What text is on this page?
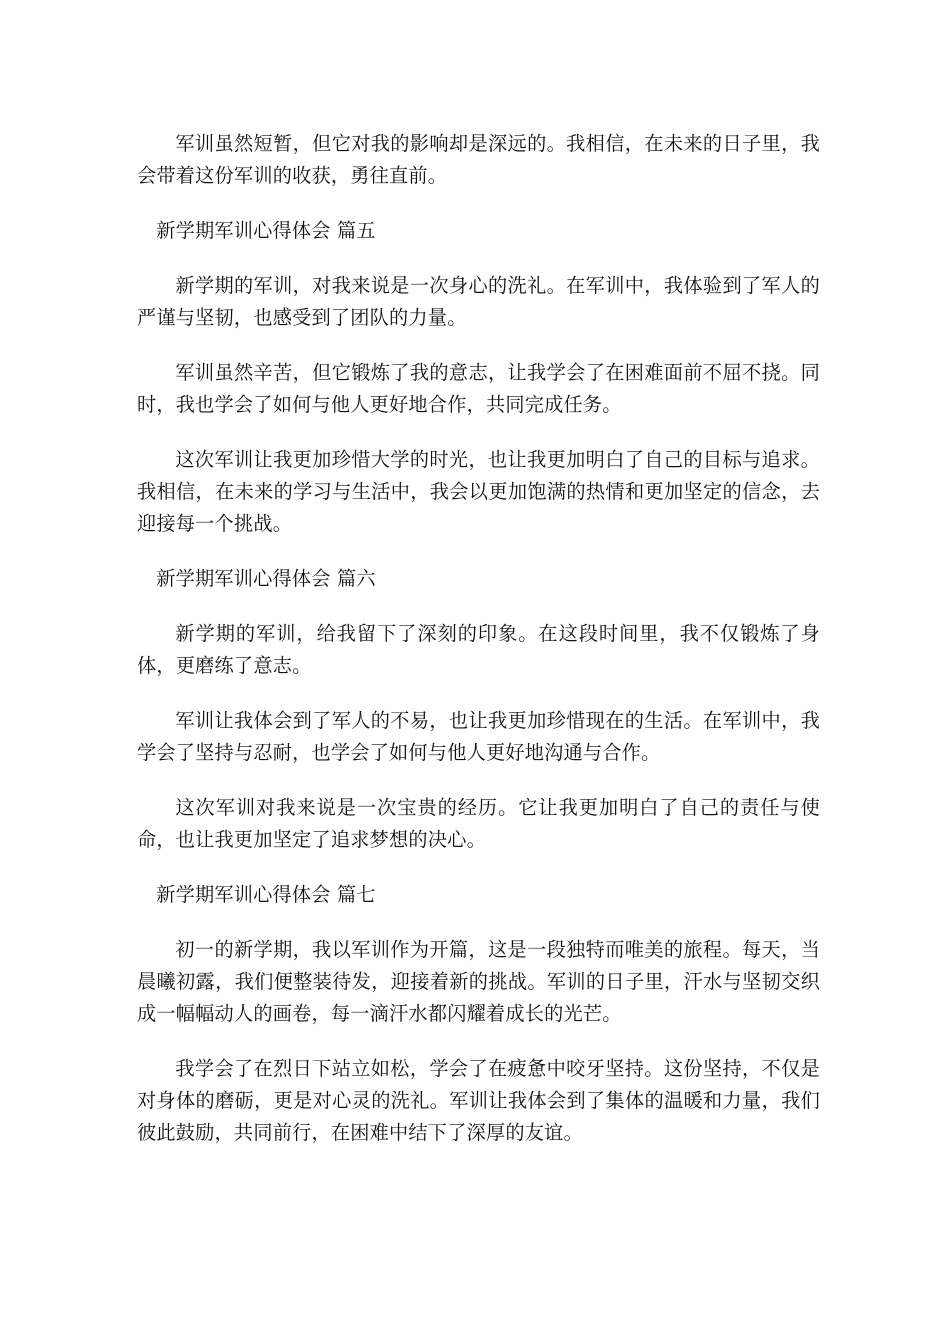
军训虽然短暂，但它对我的影响却是深远的。我相信，在未来的日子里，我会带着这份军训的收获，勇往直前。

新学期军训心得体会 篇五

新学期的军训，对我来说是一次身心的洗礼。在军训中，我体验到了军人的严谨与坚韧，也感受到了团队的力量。

军训虽然辛苦，但它锻炼了我的意志，让我学会了在困难面前不屈不挠。同时，我也学会了如何与他人更好地合作，共同完成任务。

这次军训让我更加珍惜大学的时光，也让我更加明白了自己的目标与追求。我相信，在未来的学习与生活中，我会以更加饱满的热情和更加坚定的信念，去迎接每一个挑战。

新学期军训心得体会 篇六

新学期的军训，给我留下了深刻的印象。在这段时间里，我不仅锻炼了身体，更磨练了意志。

军训让我体会到了军人的不易，也让我更加珍惜现在的生活。在军训中，我学会了坚持与忍耐，也学会了如何与他人更好地沟通与合作。

这次军训对我来说是一次宝贵的经历。它让我更加明白了自己的责任与使命，也让我更加坚定了追求梦想的决心。

新学期军训心得体会 篇七

初一的新学期，我以军训作为开篇，这是一段独特而唯美的旅程。每天，当晨曦初露，我们便整装待发，迎接着新的挑战。军训的日子里，汗水与坚韧交织成一幅幅动人的画卷，每一滴汗水都闪耀着成长的光芒。

我学会了在烈日下站立如松，学会了在疲惫中咬牙坚持。这份坚持，不仅是对身体的磨砺，更是对心灵的洗礼。军训让我体会到了集体的温暖和力量，我们彼此鼓励，共同前行，在困难中结下了深厚的友谊。
